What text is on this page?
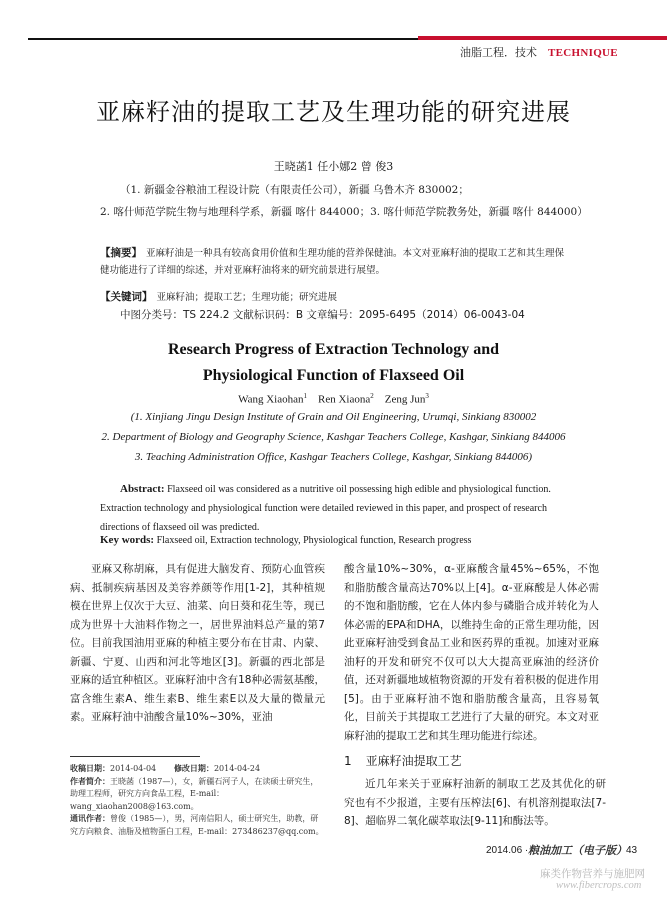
油脂工程．技术 TECHNIQUE
亚麻籽油的提取工艺及生理功能的研究进展
王晓菡1 任小娜2 曾 俊3
（1. 新疆金谷粮油工程设计院（有限责任公司），新疆 乌鲁木齐 830002；
2. 喀什师范学院生物与地理科学系，新疆 喀什 844000；3. 喀什师范学院教务处，新疆 喀什 844000）
【摘要】 亚麻籽油是一种具有较高食用价值和生理功能的营养保健油。本文对亚麻籽油的提取工艺和其生理保健功能进行了详细的综述，并对亚麻籽油将来的研究前景进行展望。
【关键词】 亚麻籽油；提取工艺；生理功能；研究进展
中图分类号：TS 224.2 文献标识码：B 文章编号：2095-6495（2014）06-0043-04
Research Progress of Extraction Technology and
Physiological Function of Flaxseed Oil
Wang Xiaohan$^1$ Ren Xiaona$^2$ Zeng Jun$^3$
(1. Xinjiang Jingu Design Institute of Grain and Oil Engineering, Urumqi, Sinkiang 830002
2. Department of Biology and Geography Science, Kashgar Teachers College, Kashgar, Sinkiang 844006
3. Teaching Administration Office, Kashgar Teachers College, Kashgar, Sinkiang 844006)
Abstract: Flaxseed oil was considered as a nutritive oil possessing high edible and physiological function. Extraction technology and physiological function were detailed reviewed in this paper, and prospect of research directions of flaxseed oil was predicted.
Key words: Flaxseed oil, Extraction technology, Physiological function, Research progress

亚麻又称胡麻，具有促进大脑发育、预防心血管疾病、抵制疾病基因及美容养颜等作用[1-2]，其种植规模在世界上仅次于大豆、油菜、向日葵和花生等，现已成为世界十大油料作物之一，居世界油料总产量的第7位。目前我国油用亚麻的种植主要分布在甘肃、内蒙、新疆、宁夏、山西和河北等地区[3]。新疆的西北部是亚麻的适宜种植区。亚麻籽油中含有18种必需氨基酸，富含维生素A、维生素B、维生素E以及大量的微量元素。亚麻籽油中油酸含量10%~30%，亚油

酸含量10%~30%，α-亚麻酸含量45%~65%，不饱和脂肪酸含量高达70%以上[4]。α-亚麻酸是人体必需的不饱和脂肪酸，它在人体内参与磷脂合成并转化为人体必需的EPA和DHA，以维持生命的正常生理功能，因此亚麻籽油受到食品工业和医药界的重视。加速对亚麻油籽的开发和研究不仅可以大大提高亚麻油的经济价值，还对新疆地域植物资源的开发有着积极的促进作用[5]。由于亚麻籽油不饱和脂肪酸含量高，且容易氧化，目前关于其提取工艺进行了大量的研究。本文对亚麻籽油的提取工艺和其生理功能进行综述。

收稿日期：2014-04-04 修改日期：2014-04-24
作者简介：王晓菡（1987—），女，新疆石河子人，在读硕士研究生，助理工程师，研究方向食品工程，E-mail：wang_xiaohan2008@163.com。
通讯作者：曾俊（1985—），男，河南信阳人，硕士研究生，助教，研究方向粮食、油脂及植物蛋白工程，E-mail：273486237@qq.com。
1 亚麻籽油提取工艺
近几年来关于亚麻籽油新的制取工艺及其优化的研究也有不少报道，主要有压榨法[6]、有机溶剂提取法[7-8]、超临界二氧化碳萃取法[9-11]和酶法等。
2014.06 · 粮油加工（电子版） 43
麻类作物营养与施肥网
www.fibercrops.com
